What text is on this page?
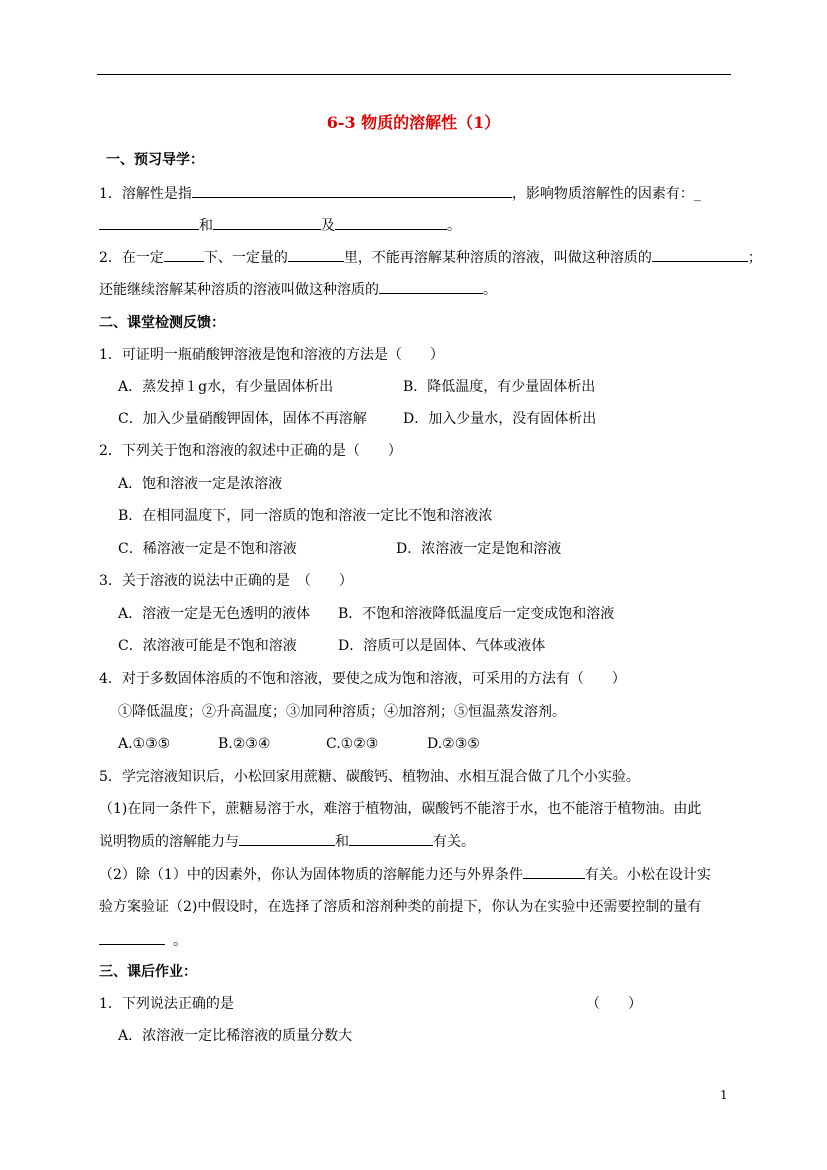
6-3 物质的溶解性（1）
一、预习导学：
1．溶解性是指	，影响物质溶解性的因素有：_
和	及	。
2．在一定	下、一定量的	里，不能再溶解某种溶质的溶液，叫做这种溶质的	；
还能继续溶解某种溶质的溶液叫做这种溶质的	。
二、课堂检测反馈：
1．可证明一瓶硝酸钾溶液是饱和溶液的方法是（　　）
A．蒸发掉１g水，有少量固体析出	B．降低温度，有少量固体析出
C．加入少量硝酸钾固体，固体不再溶解	D．加入少量水，没有固体析出
2．下列关于饱和溶液的叙述中正确的是（　　）
A．饱和溶液一定是浓溶液
B．在相同温度下，同一溶质的饱和溶液一定比不饱和溶液浓
C．稀溶液一定是不饱和溶液	D．浓溶液一定是饱和溶液
3．关于溶液的说法中正确的是　（　　）
A．溶液一定是无色透明的液体 B．不饱和溶液降低温度后一定变成饱和溶液
C．浓溶液可能是不饱和溶液	D．溶质可以是固体、气体或液体
4．对于多数固体溶质的不饱和溶液，要使之成为饱和溶液，可采用的方法有（　　）
①降低温度；②升高温度；③加同种溶质；④加溶剂；⑤恒温蒸发溶剂。
A.①③⑤	B.②③④	C.①②③	D.②③⑤
5．学完溶液知识后，小松回家用蔗糖、碳酸钙、植物油、水相互混合做了几个小实验。
（1)在同一条件下，蔗糖易溶于水，难溶于植物油，碳酸钙不能溶于水，也不能溶于植物油。由此
说明物质的溶解能力与	和	有关。
（2）除（1）中的因素外，你认为固体物质的溶解能力还与外界条件	有关。小松在设计实
验方案验证（2)中假设时，在选择了溶质和溶剂种类的前提下，你认为在实验中还需要控制的量有
。
三、课后作业：
1．下列说法正确的是	（　　）
A．浓溶液一定比稀溶液的质量分数大
1
